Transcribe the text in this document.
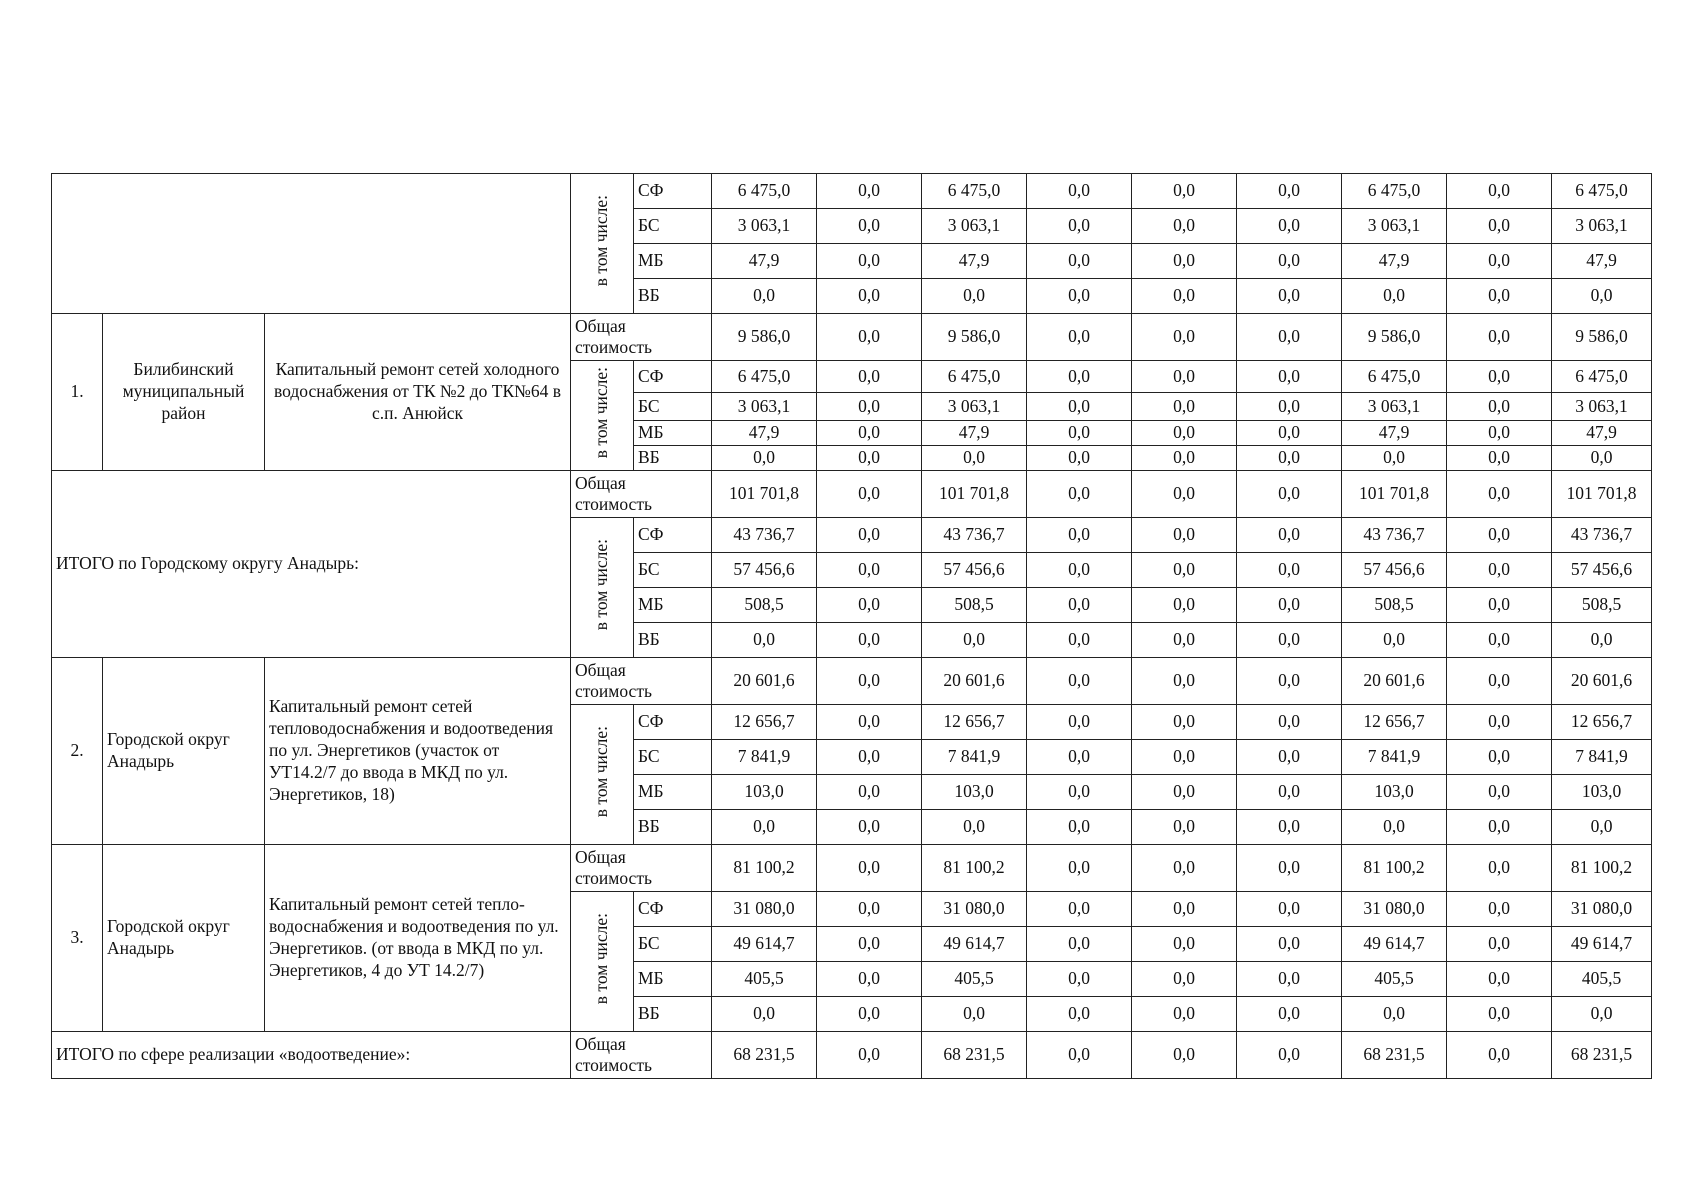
			в том числе:	СФ	6 475,0	0,0	6 475,0	0,0	0,0	0,0	6 475,0	0,0	6 475,0
				БС	3 063,1	0,0	3 063,1	0,0	0,0	0,0	3 063,1	0,0	3 063,1
				МБ	47,9	0,0	47,9	0,0	0,0	0,0	47,9	0,0	47,9
				ВБ	0,0	0,0	0,0	0,0	0,0	0,0	0,0	0,0	0,0
1.	Билибинский муниципальный район	Капитальный ремонт сетей холодного водоснабжения от ТК №2 до ТК№64 в с.п. Анюйск	Общая стоимость		9 586,0	0,0	9 586,0	0,0	0,0	0,0	9 586,0	0,0	9 586,0
			в том числе:	СФ	6 475,0	0,0	6 475,0	0,0	0,0	0,0	6 475,0	0,0	6 475,0
				БС	3 063,1	0,0	3 063,1	0,0	0,0	0,0	3 063,1	0,0	3 063,1
				МБ	47,9	0,0	47,9	0,0	0,0	0,0	47,9	0,0	47,9
				ВБ	0,0	0,0	0,0	0,0	0,0	0,0	0,0	0,0	0,0
ИТОГО по Городскому округу Анадырь:			Общая стоимость		101 701,8	0,0	101 701,8	0,0	0,0	0,0	101 701,8	0,0	101 701,8
			в том числе:	СФ	43 736,7	0,0	43 736,7	0,0	0,0	0,0	43 736,7	0,0	43 736,7
				БС	57 456,6	0,0	57 456,6	0,0	0,0	0,0	57 456,6	0,0	57 456,6
				МБ	508,5	0,0	508,5	0,0	0,0	0,0	508,5	0,0	508,5
				ВБ	0,0	0,0	0,0	0,0	0,0	0,0	0,0	0,0	0,0
2.	Городской округ Анадырь	Капитальный ремонт сетей тепловодоснабжения и водоотведения по ул. Энергетиков (участок от УТ14.2/7 до ввода в МКД по ул. Энергетиков, 18)	Общая стоимость		20 601,6	0,0	20 601,6	0,0	0,0	0,0	20 601,6	0,0	20 601,6
			в том числе:	СФ	12 656,7	0,0	12 656,7	0,0	0,0	0,0	12 656,7	0,0	12 656,7
				БС	7 841,9	0,0	7 841,9	0,0	0,0	0,0	7 841,9	0,0	7 841,9
				МБ	103,0	0,0	103,0	0,0	0,0	0,0	103,0	0,0	103,0
				ВБ	0,0	0,0	0,0	0,0	0,0	0,0	0,0	0,0	0,0
3.	Городской округ Анадырь	Капитальный ремонт сетей тепло-водоснабжения и водоотведения по ул. Энергетиков. (от ввода в МКД по ул. Энергетиков, 4 до УТ 14.2/7)	Общая стоимость		81 100,2	0,0	81 100,2	0,0	0,0	0,0	81 100,2	0,0	81 100,2
			в том числе:	СФ	31 080,0	0,0	31 080,0	0,0	0,0	0,0	31 080,0	0,0	31 080,0
				БС	49 614,7	0,0	49 614,7	0,0	0,0	0,0	49 614,7	0,0	49 614,7
				МБ	405,5	0,0	405,5	0,0	0,0	0,0	405,5	0,0	405,5
				ВБ	0,0	0,0	0,0	0,0	0,0	0,0	0,0	0,0	0,0
ИТОГО по сфере реализации «водоотведение»:			Общая стоимость		68 231,5	0,0	68 231,5	0,0	0,0	0,0	68 231,5	0,0	68 231,5
